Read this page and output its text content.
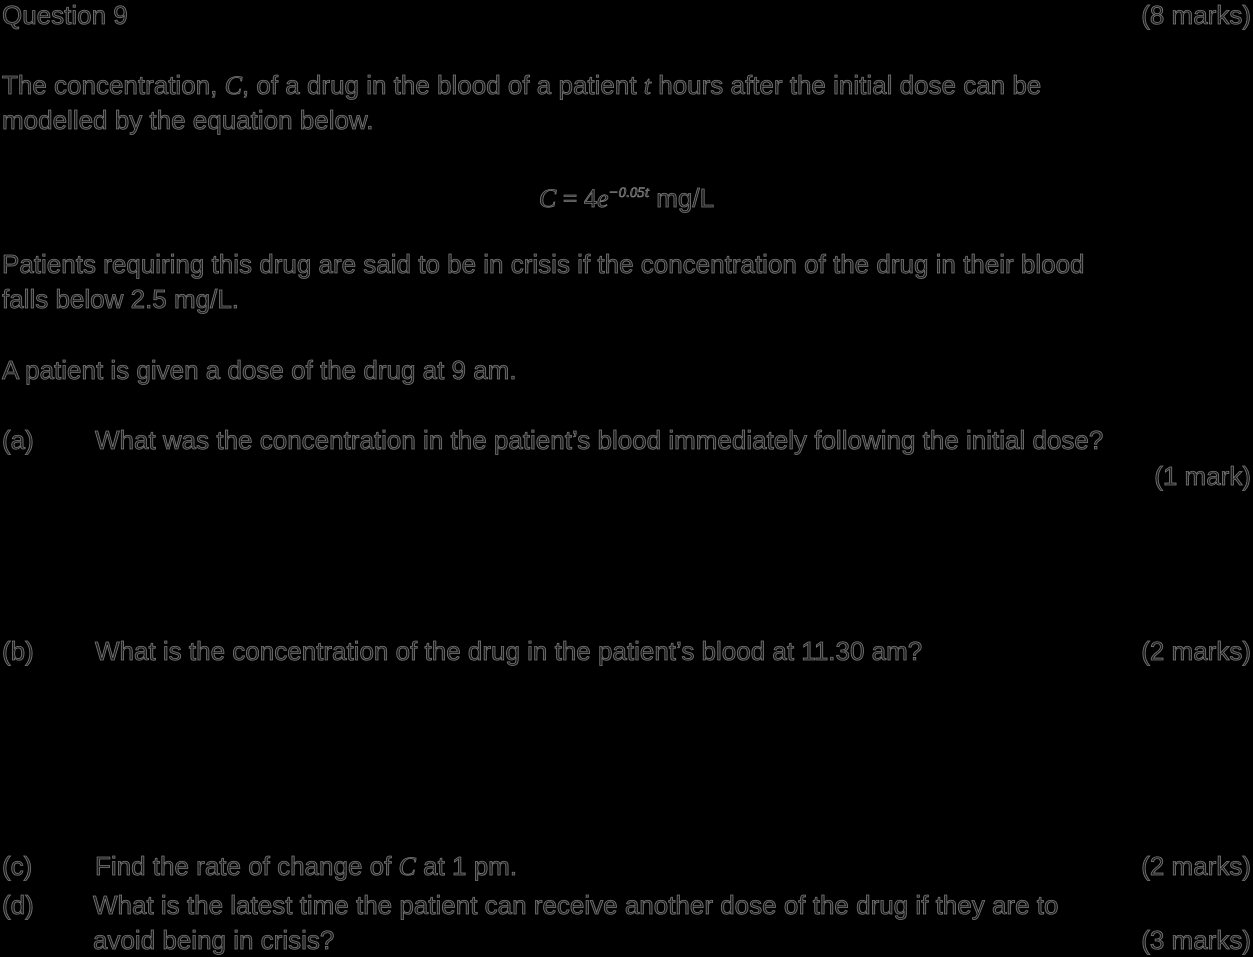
Question 9	(8 marks)
The concentration, C, of a drug in the blood of a patient t hours after the initial dose can be
modelled by the equation below.
$C = 4e^{-0.05t}$ mg/L
Patients requiring this drug are said to be in crisis if the concentration of the drug in their blood
falls below 2.5 mg/L.
A patient is given a dose of the drug at 9 am.
(a) What was the concentration in the patient’s blood immediately following the initial dose?
(1 mark)
(b) What is the concentration of the drug in the patient’s blood at 11.30 am?	(2 marks)
(c) Find the rate of change of C at 1 pm.	(2 marks)
(d) What is the latest time the patient can receive another dose of the drug if they are to
avoid being in crisis?	(3 marks)
